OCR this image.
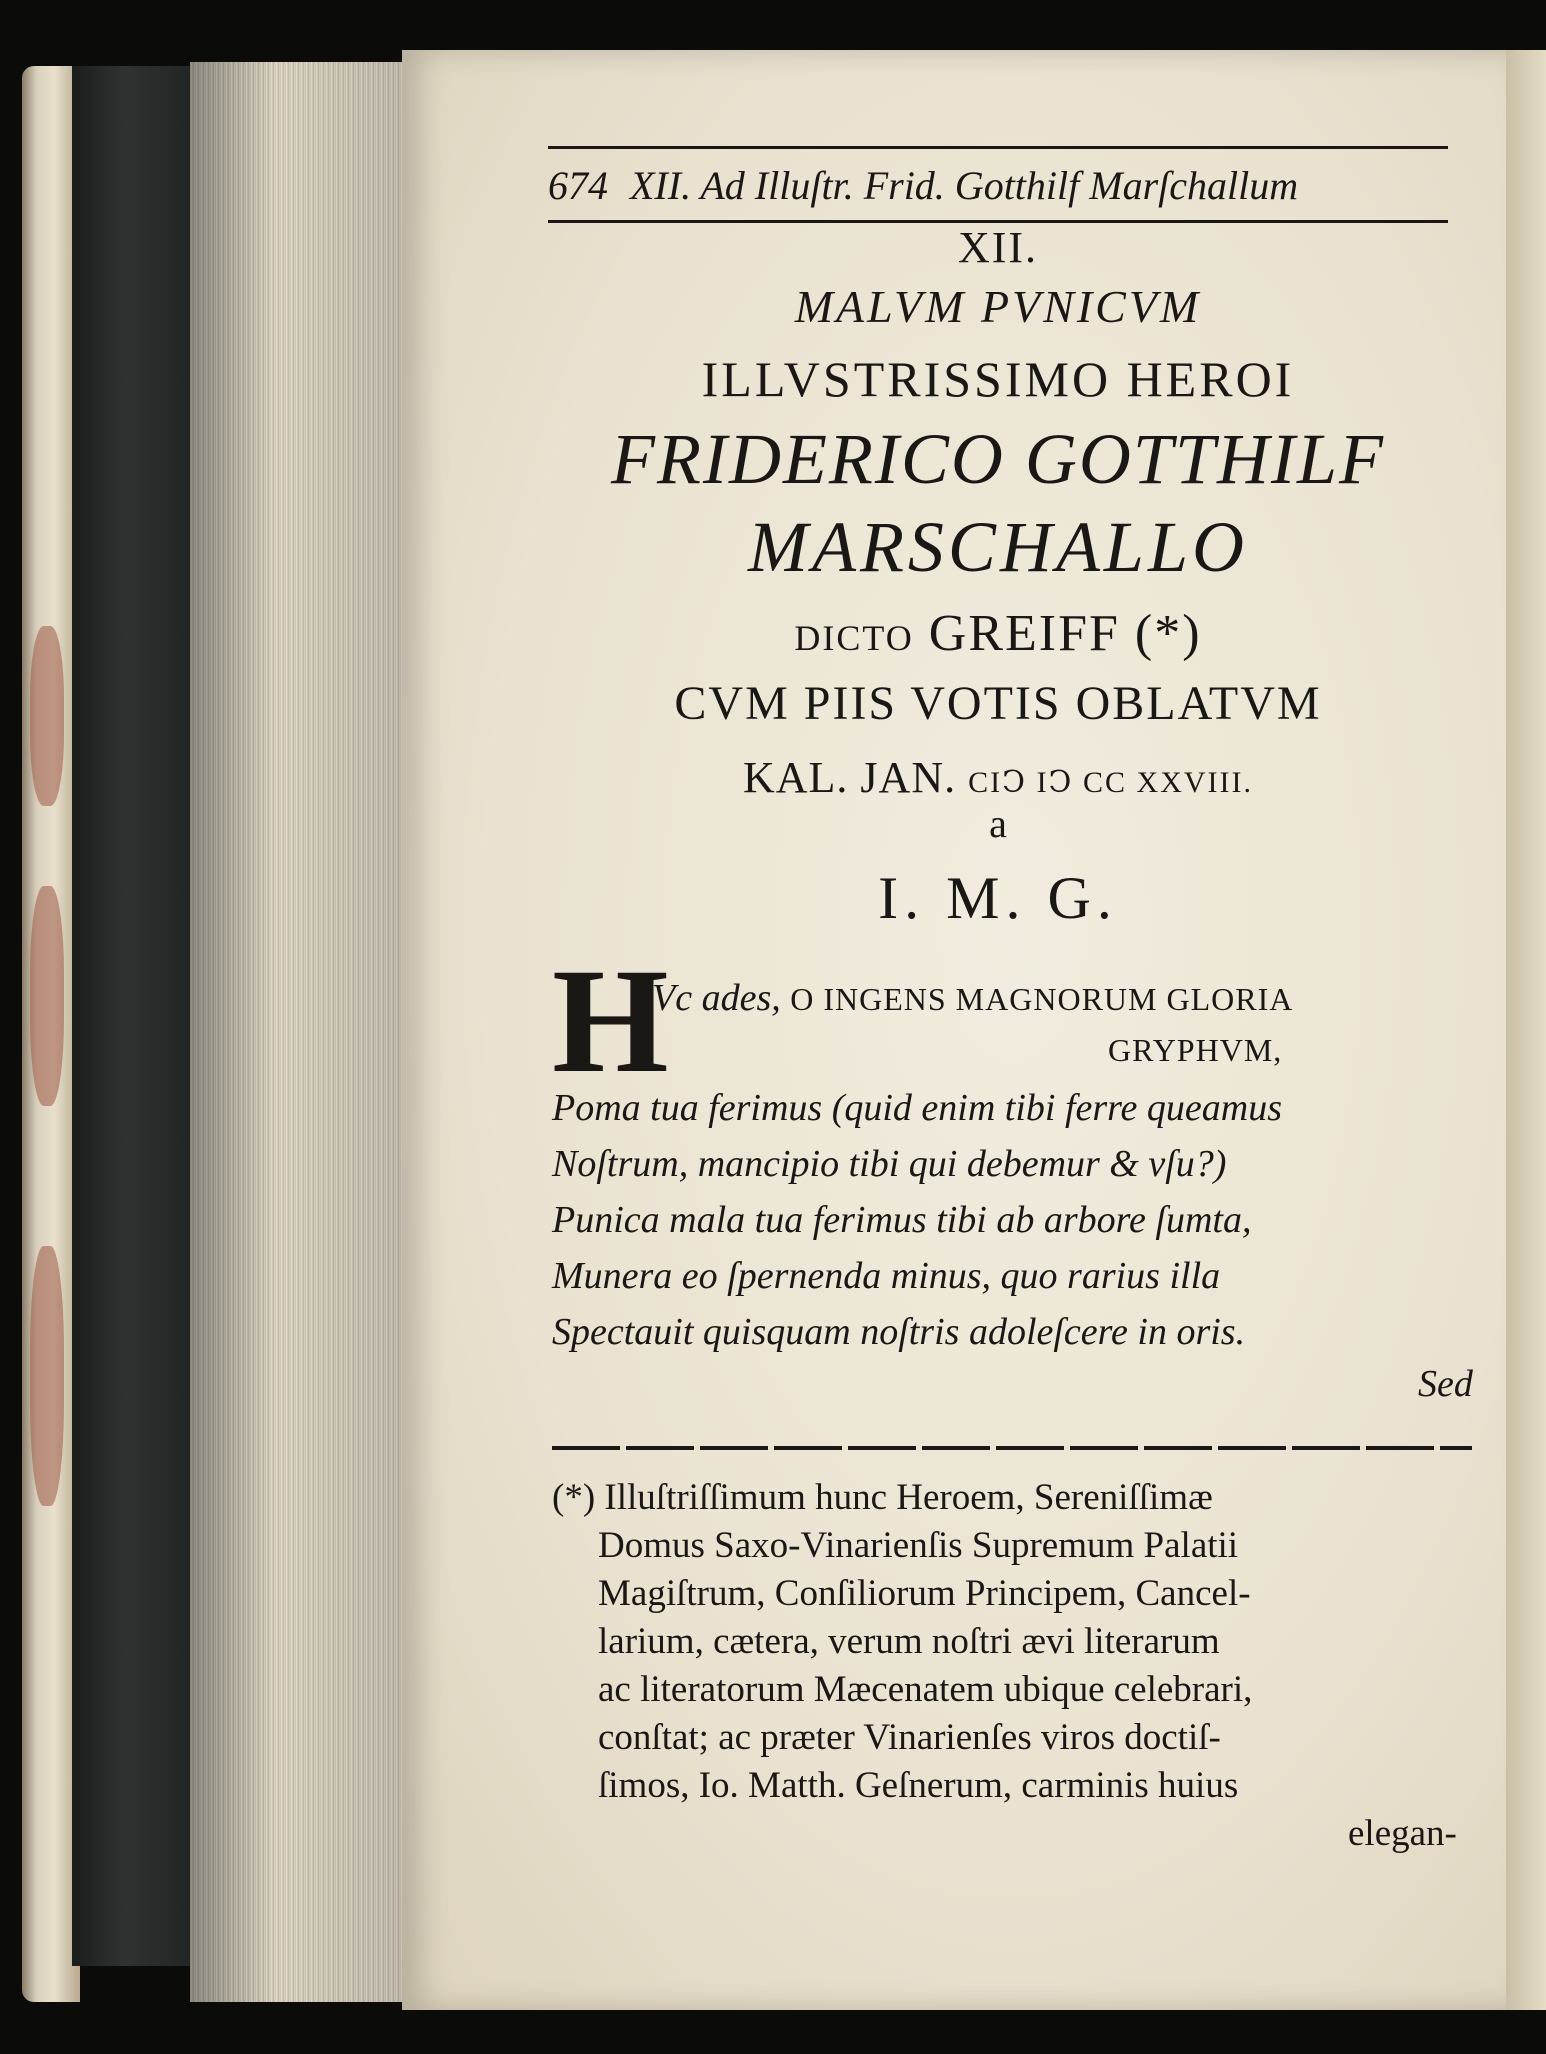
674 XII. Ad Illuſtr. Frid. Gotthilf Marſchallum
XII.
MALVM PVNICVM
ILLVSTRISSIMO HEROI
FRIDERICO GOTTHILF
MARSCHALLO
DICTO GREIFF (*)
CVM PIIS VOTIS OBLATVM
KAL. JAN. CIↃ IↃ CC XXVIII.
a
I. M. G.
H
Vc ades, O INGENS MAGNORUM GLORIA
GRYPHVM,
Poma tua ferimus (quid enim tibi ferre queamus
Noſtrum, mancipio tibi qui debemur & vſu?)
Punica mala tua ferimus tibi ab arbore ſumta,
Munera eo ſpernenda minus, quo rarius illa
Spectauit quisquam noſtris adoleſcere in oris.
Sed
(*) Illuſtriſſimum hunc Heroem, Sereniſſimæ
Domus Saxo-Vinarienſis Supremum Palatii
Magiſtrum, Conſiliorum Principem, Cancel-
larium, cætera, verum noſtri ævi literarum
ac literatorum Mæcenatem ubique celebrari,
conſtat; ac præter Vinarienſes viros doctiſ-
ſimos, Io. Matth. Geſnerum, carminis huius
elegan-
